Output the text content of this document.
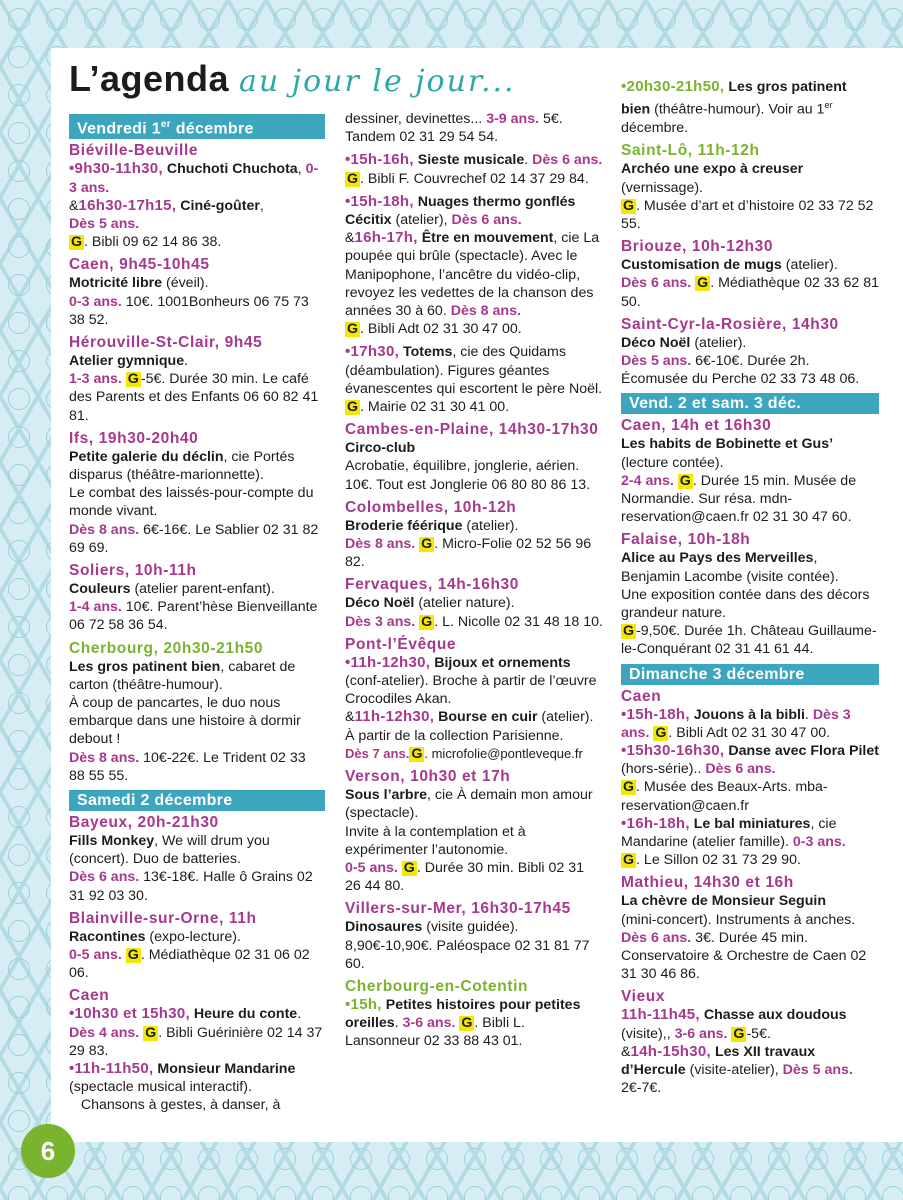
L’agenda au jour le jour...
Vendredi 1er décembre
Biéville-Beuville

•9h30-11h30, Chuchoti Chuchota, 0-3 ans.
&16h30-17h15, Ciné-goûter,
Dès 5 ans.
G . Bibli 09 62 14 86 38.

Caen, 9h45-10h45

Motricité libre (éveil).
0-3 ans. 10€. 1001Bonheurs 06 75 73 38 52.

Hérouville-St-Clair, 9h45

Atelier gymnique.
1-3 ans. G -5€. Durée 30 min. Le café des Parents et des Enfants 06 60 82 41 81.

Ifs, 19h30-20h40

Petite galerie du déclin, cie Portés disparus (théâtre-marionnette).
Le combat des laissés-pour-compte du monde vivant.
Dès 8 ans. 6€-16€. Le Sablier 02 31 82 69 69.

Soliers, 10h-11h

Couleurs (atelier parent-enfant).
1-4 ans. 10€. Parent’hèse Bienveillante 06 72 58 36 54.

Cherbourg, 20h30-21h50

Les gros patinent bien, cabaret de carton (théâtre-humour).
À coup de pancartes, le duo nous embarque dans une histoire à dormir debout !
Dès 8 ans. 10€-22€. Le Trident 02 33 88 55 55.

Samedi 2 décembre
Bayeux, 20h-21h30

Fills Monkey, We will drum you (concert). Duo de batteries.
Dès 6 ans. 13€-18€. Halle ô Grains 02 31 92 03 30.

Blainville-sur-Orne, 11h

Racontines (expo-lecture).
0-5 ans. G . Médiathèque 02 31 06 02 06.

Caen

•10h30 et 15h30, Heure du conte. Dès 4 ans. G . Bibli Guérinière 02 14 37 29 83.
•11h-11h50, Monsieur Mandarine (spectacle musical interactif).
Chansons à gestes, à danser, à

dessiner, devinettes... 3-9 ans. 5€. Tandem 02 31 29 54 54.

•15h-16h, Sieste musicale. Dès 6 ans. G . Bibli F. Couvrechef 02 14 37 29 84.

•15h-18h, Nuages thermo gonflés Cécitix (atelier), Dès 6 ans.
&16h-17h, Être en mouvement, cie La poupée qui brûle (spectacle). Avec le Manipophone, l’ancêtre du vidéo-clip, revoyez les vedettes de la chanson des années 30 à 60. Dès 8 ans.
G . Bibli Adt 02 31 30 47 00.

•17h30, Totems, cie des Quidams (déambulation). Figures géantes évanescentes qui escortent le père Noël. G . Mairie 02 31 30 41 00.

Cambes-en-Plaine, 14h30-17h30

Circo-club
Acrobatie, équilibre, jonglerie, aérien. 10€. Tout est Jonglerie 06 80 80 86 13.

Colombelles, 10h-12h

Broderie féérique (atelier).
Dès 8 ans. G . Micro-Folie 02 52 56 96 82.

Fervaques, 14h-16h30

Déco Noël (atelier nature).
Dès 3 ans. G . L. Nicolle 02 31 48 18 10.

Pont-l’Évêque

•11h-12h30, Bijoux et ornements (conf-atelier). Broche à partir de l’œuvre Crocodiles Akan.
&11h-12h30, Bourse en cuir (atelier). À partir de la collection Parisienne.
Dès 7 ans. G . microfolie@pontleveque.fr

Verson, 10h30 et 17h

Sous l’arbre, cie À demain mon amour (spectacle).
Invite à la contemplation et à expérimenter l’autonomie.
0-5 ans. G . Durée 30 min. Bibli 02 31 26 44 80.

Villers-sur-Mer, 16h30-17h45

Dinosaures (visite guidée). 8,90€-10,90€. Paléospace 02 31 81 77 60.

Cherbourg-en-Cotentin

•15h, Petites histoires pour petites oreilles. 3-6 ans. G . Bibli L. Lansonneur 02 33 88 43 01.

•20h30-21h50, Les gros patinent bien (théâtre-humour). Voir au 1er décembre.

Saint-Lô, 11h-12h

Archéo une expo à creuser
(vernissage).
G . Musée d’art et d’histoire 02 33 72 52 55.

Briouze, 10h-12h30

Customisation de mugs (atelier).
Dès 6 ans. G . Médiathèque 02 33 62 81 50.

Saint-Cyr-la-Rosière, 14h30

Déco Noël (atelier).
Dès 5 ans. 6€-10€. Durée 2h. Écomusée du Perche 02 33 73 48 06.

Vend. 2 et sam. 3 déc.
Caen, 14h et 16h30

Les habits de Bobinette et Gus’
(lecture contée).
2-4 ans. G . Durée 15 min. Musée de Normandie. Sur résa. mdn-reservation@caen.fr 02 31 30 47 60.

Falaise, 10h-18h

Alice au Pays des Merveilles, Benjamin Lacombe (visite contée).
Une exposition contée dans des décors grandeur nature.
G -9,50€. Durée 1h. Château Guillaume-le-Conquérant 02 31 41 61 44.

Dimanche 3 décembre
Caen

•15h-18h, Jouons à la bibli. Dès 3 ans. G . Bibli Adt 02 31 30 47 00.
•15h30-16h30, Danse avec Flora Pilet (hors-série).. Dès 6 ans.
G . Musée des Beaux-Arts. mba-reservation@caen.fr
•16h-18h, Le bal miniatures, cie Mandarine (atelier famille). 0-3 ans.
G . Le Sillon 02 31 73 29 90.

Mathieu, 14h30 et 16h

La chèvre de Monsieur Seguin
(mini-concert). Instruments à anches.
Dès 6 ans. 3€. Durée 45 min. Conservatoire & Orchestre de Caen 02 31 30 46 86.

Vieux

11h-11h45, Chasse aux doudous (visite),, 3-6 ans. G -5€.
&14h-15h30, Les XII travaux d’Hercule (visite-atelier), Dès 5 ans.
2€-7€.

6
